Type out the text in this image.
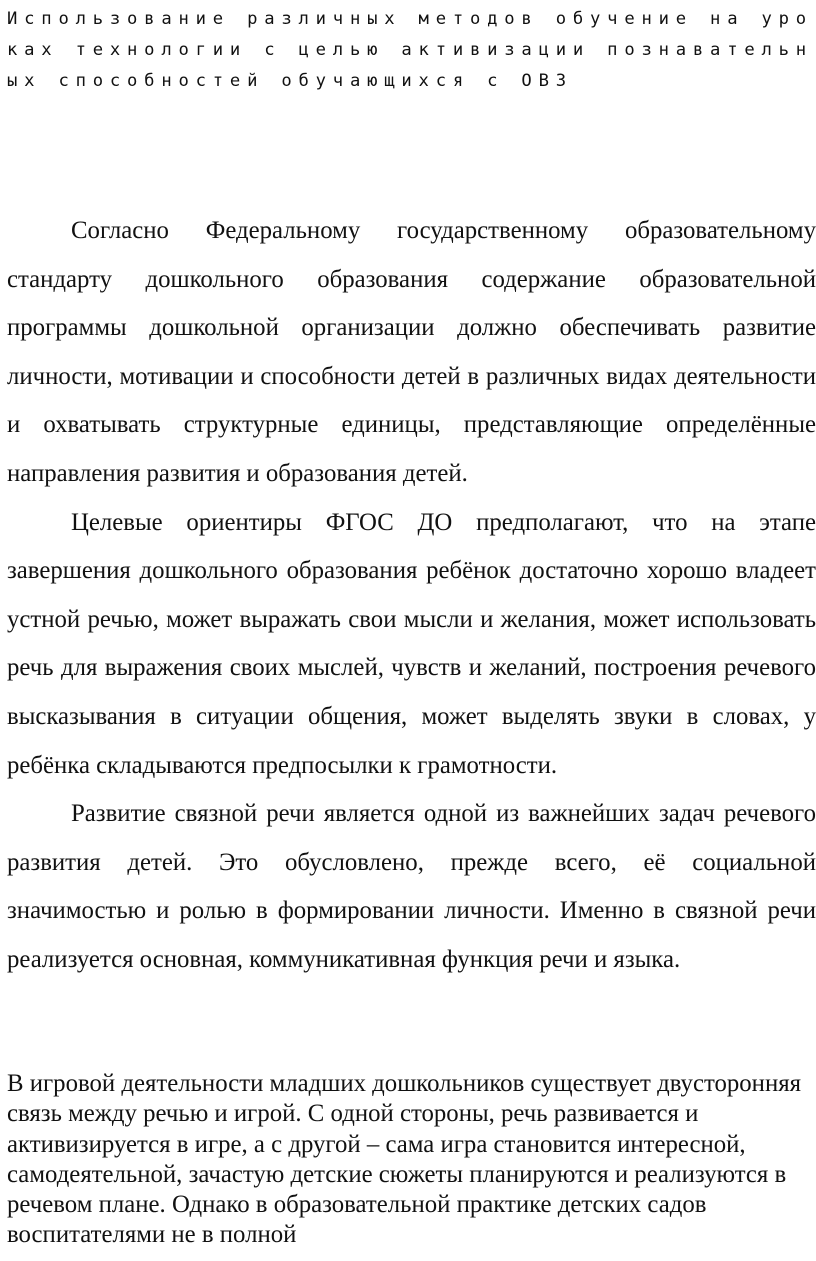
Использование различных методов обучение на уроках технологии с целью активизации познавательных способностей обучающихся с ОВЗ

Согласно Федеральному государственному образовательному стандарту дошкольного образования содержание образовательной программы дошкольной организации должно обеспечивать развитие личности, мотивации и способности детей в различных видах деятельности и охватывать структурные единицы, представляющие определённые направления развития и образования детей.

Целевые ориентиры ФГОС ДО предполагают, что на этапе завершения дошкольного образования ребёнок достаточно хорошо владеет устной речью, может выражать свои мысли и желания, может использовать речь для выражения своих мыслей, чувств и желаний, построения речевого высказывания в ситуации общения, может выделять звуки в словах, у ребёнка складываются предпосылки к грамотности.

Развитие связной речи является одной из важнейших задач речевого развития детей. Это обусловлено, прежде всего, её социальной значимостью и ролью в формировании личности. Именно в связной речи реализуется основная, коммуникативная функция речи и языка.

В игровой деятельности младших дошкольников существует двусторонняя связь между речью и игрой. С одной стороны, речь развивается и активизируется в игре, а с другой – сама игра становится интересной, самодеятельной, зачастую детские сюжеты планируются и реализуются в речевом плане. Однако в образовательной практике детских садов воспитателями не в полной
